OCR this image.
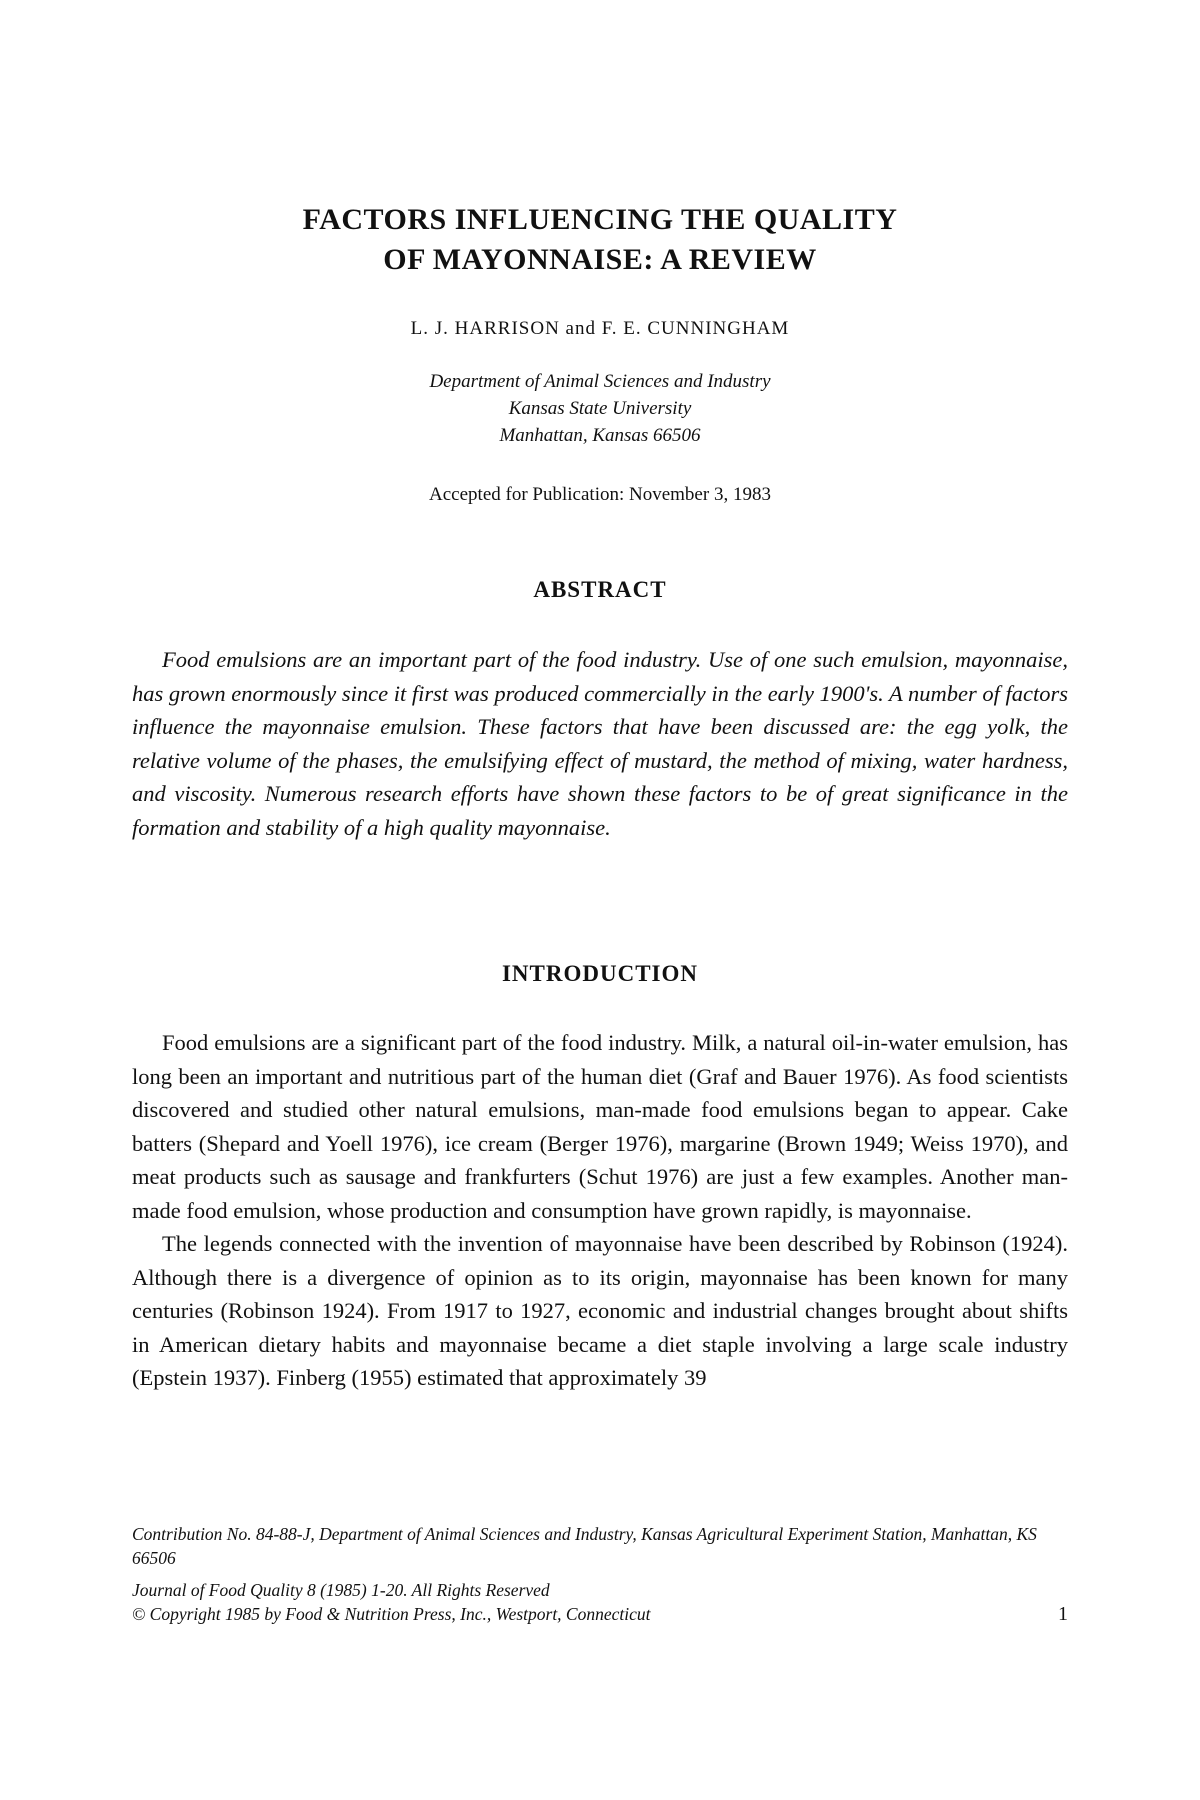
FACTORS INFLUENCING THE QUALITY
OF MAYONNAISE: A REVIEW
L. J. HARRISON and F. E. CUNNINGHAM
Department of Animal Sciences and Industry
Kansas State University
Manhattan, Kansas 66506
Accepted for Publication: November 3, 1983
ABSTRACT

Food emulsions are an important part of the food industry. Use of one such emulsion, mayonnaise, has grown enormously since it first was produced commercially in the early 1900's. A number of factors influence the mayonnaise emulsion. These factors that have been discussed are: the egg yolk, the relative volume of the phases, the emulsifying effect of mustard, the method of mixing, water hardness, and viscosity. Numerous research efforts have shown these factors to be of great significance in the formation and stability of a high quality mayonnaise.

INTRODUCTION

Food emulsions are a significant part of the food industry. Milk, a natural oil-in-water emulsion, has long been an important and nutritious part of the human diet (Graf and Bauer 1976). As food scientists discovered and studied other natural emulsions, man-made food emulsions began to appear. Cake batters (Shepard and Yoell 1976), ice cream (Berger 1976), margarine (Brown 1949; Weiss 1970), and meat products such as sausage and frankfurters (Schut 1976) are just a few examples. Another man-made food emulsion, whose production and consumption have grown rapidly, is mayonnaise.

The legends connected with the invention of mayonnaise have been described by Robinson (1924). Although there is a divergence of opinion as to its origin, mayonnaise has been known for many centuries (Robinson 1924). From 1917 to 1927, economic and industrial changes brought about shifts in American dietary habits and mayonnaise became a diet staple involving a large scale industry (Epstein 1937). Finberg (1955) estimated that approximately 39

Contribution No. 84-88-J, Department of Animal Sciences and Industry, Kansas Agricultural Experiment Station, Manhattan, KS 66506
Journal of Food Quality 8 (1985) 1-20. All Rights Reserved
© Copyright 1985 by Food & Nutrition Press, Inc., Westport, Connecticut	1
